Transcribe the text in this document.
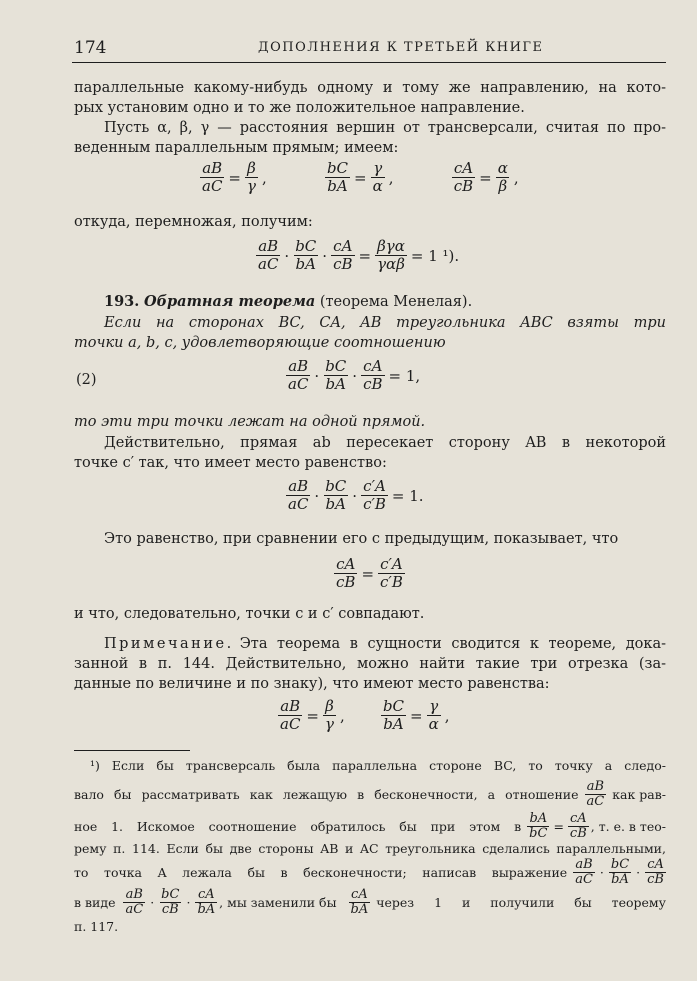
174	ДОПОЛНЕНИЯ К ТРЕТЬЕЙ КНИГЕ
параллельные какому-нибудь одному и тому же направлению, на кото-
рых установим одно и то же положительное направление.
Пусть α, β, γ — расстояния вершин от трансверсали, считая по про-
веденным параллельным прямым; имеем:
$\frac{aB}{aC} = \frac{\beta}{\gamma}$ ,	$\frac{bC}{bA} = \frac{\gamma}{\alpha}$ ,	$\frac{cA}{cB} = \frac{\alpha}{\beta}$ ,
откуда, перемножая, получим:
$\frac{aB}{aC} \cdot \frac{bC}{bA} \cdot \frac{cA}{cB} = \frac{\text{βγα}}{\text{γαβ}} = 1$ ¹).
193. Обратная теорема (теорема Менелая).
Если на сторонах BC, CA, AB треугольника ABC взяты три
точки a, b, c, удовлетворяющие соотношению
(2)	$\frac{aB}{aC} \cdot \frac{bC}{bA} \cdot \frac{cA}{cB} = 1$,
то эти три точки лежат на одной прямой.
Действительно, прямая ab пересекает сторону AB в некоторой
точке c′ так, что имеет место равенство:
$\frac{aB}{aC} \cdot \frac{bC}{bA} \cdot \frac{c'A}{c'B} = 1$.
Это равенство, при сравнении его с предыдущим, показывает, что
$\frac{cA}{cB} = \frac{c'A}{c'B}$
и что, следовательно, точки c и c′ совпадают.
Примечание. Эта теорема в сущности сводится к теореме, дока-
занной в п. 144. Действительно, можно найти такие три отрезка (за-
данные по величине и по знаку), что имеют место равенства:
$\frac{aB}{aC} = \frac{\beta}{\gamma}$ , $\frac{bC}{bA} = \frac{\gamma}{\alpha}$ ,
¹) Если бы трансверсаль была параллельна стороне BC, то точку a следо-
вало бы рассматривать как лежащую в бесконечности, а отношение $\frac{aB}{aC}$ как рав-
ное 1. Искомое соотношение обратилось бы при этом в $\frac{bA}{bC} = \frac{cA}{cB}$ , т. е. в тео-
рему п. 114. Если бы две стороны AB и AC треугольника сделались параллельными,
то точка A лежала бы в бесконечности; написав выражение $\frac{aB}{aC} \cdot \frac{bC}{bA} \cdot \frac{cA}{cB}$
в виде $\frac{aB}{aC} \cdot \frac{bC}{cB} \cdot \frac{cA}{bA}$ , мы заменили бы $\frac{cA}{bA}$ через 1 и получили бы теорему
п. 117.
